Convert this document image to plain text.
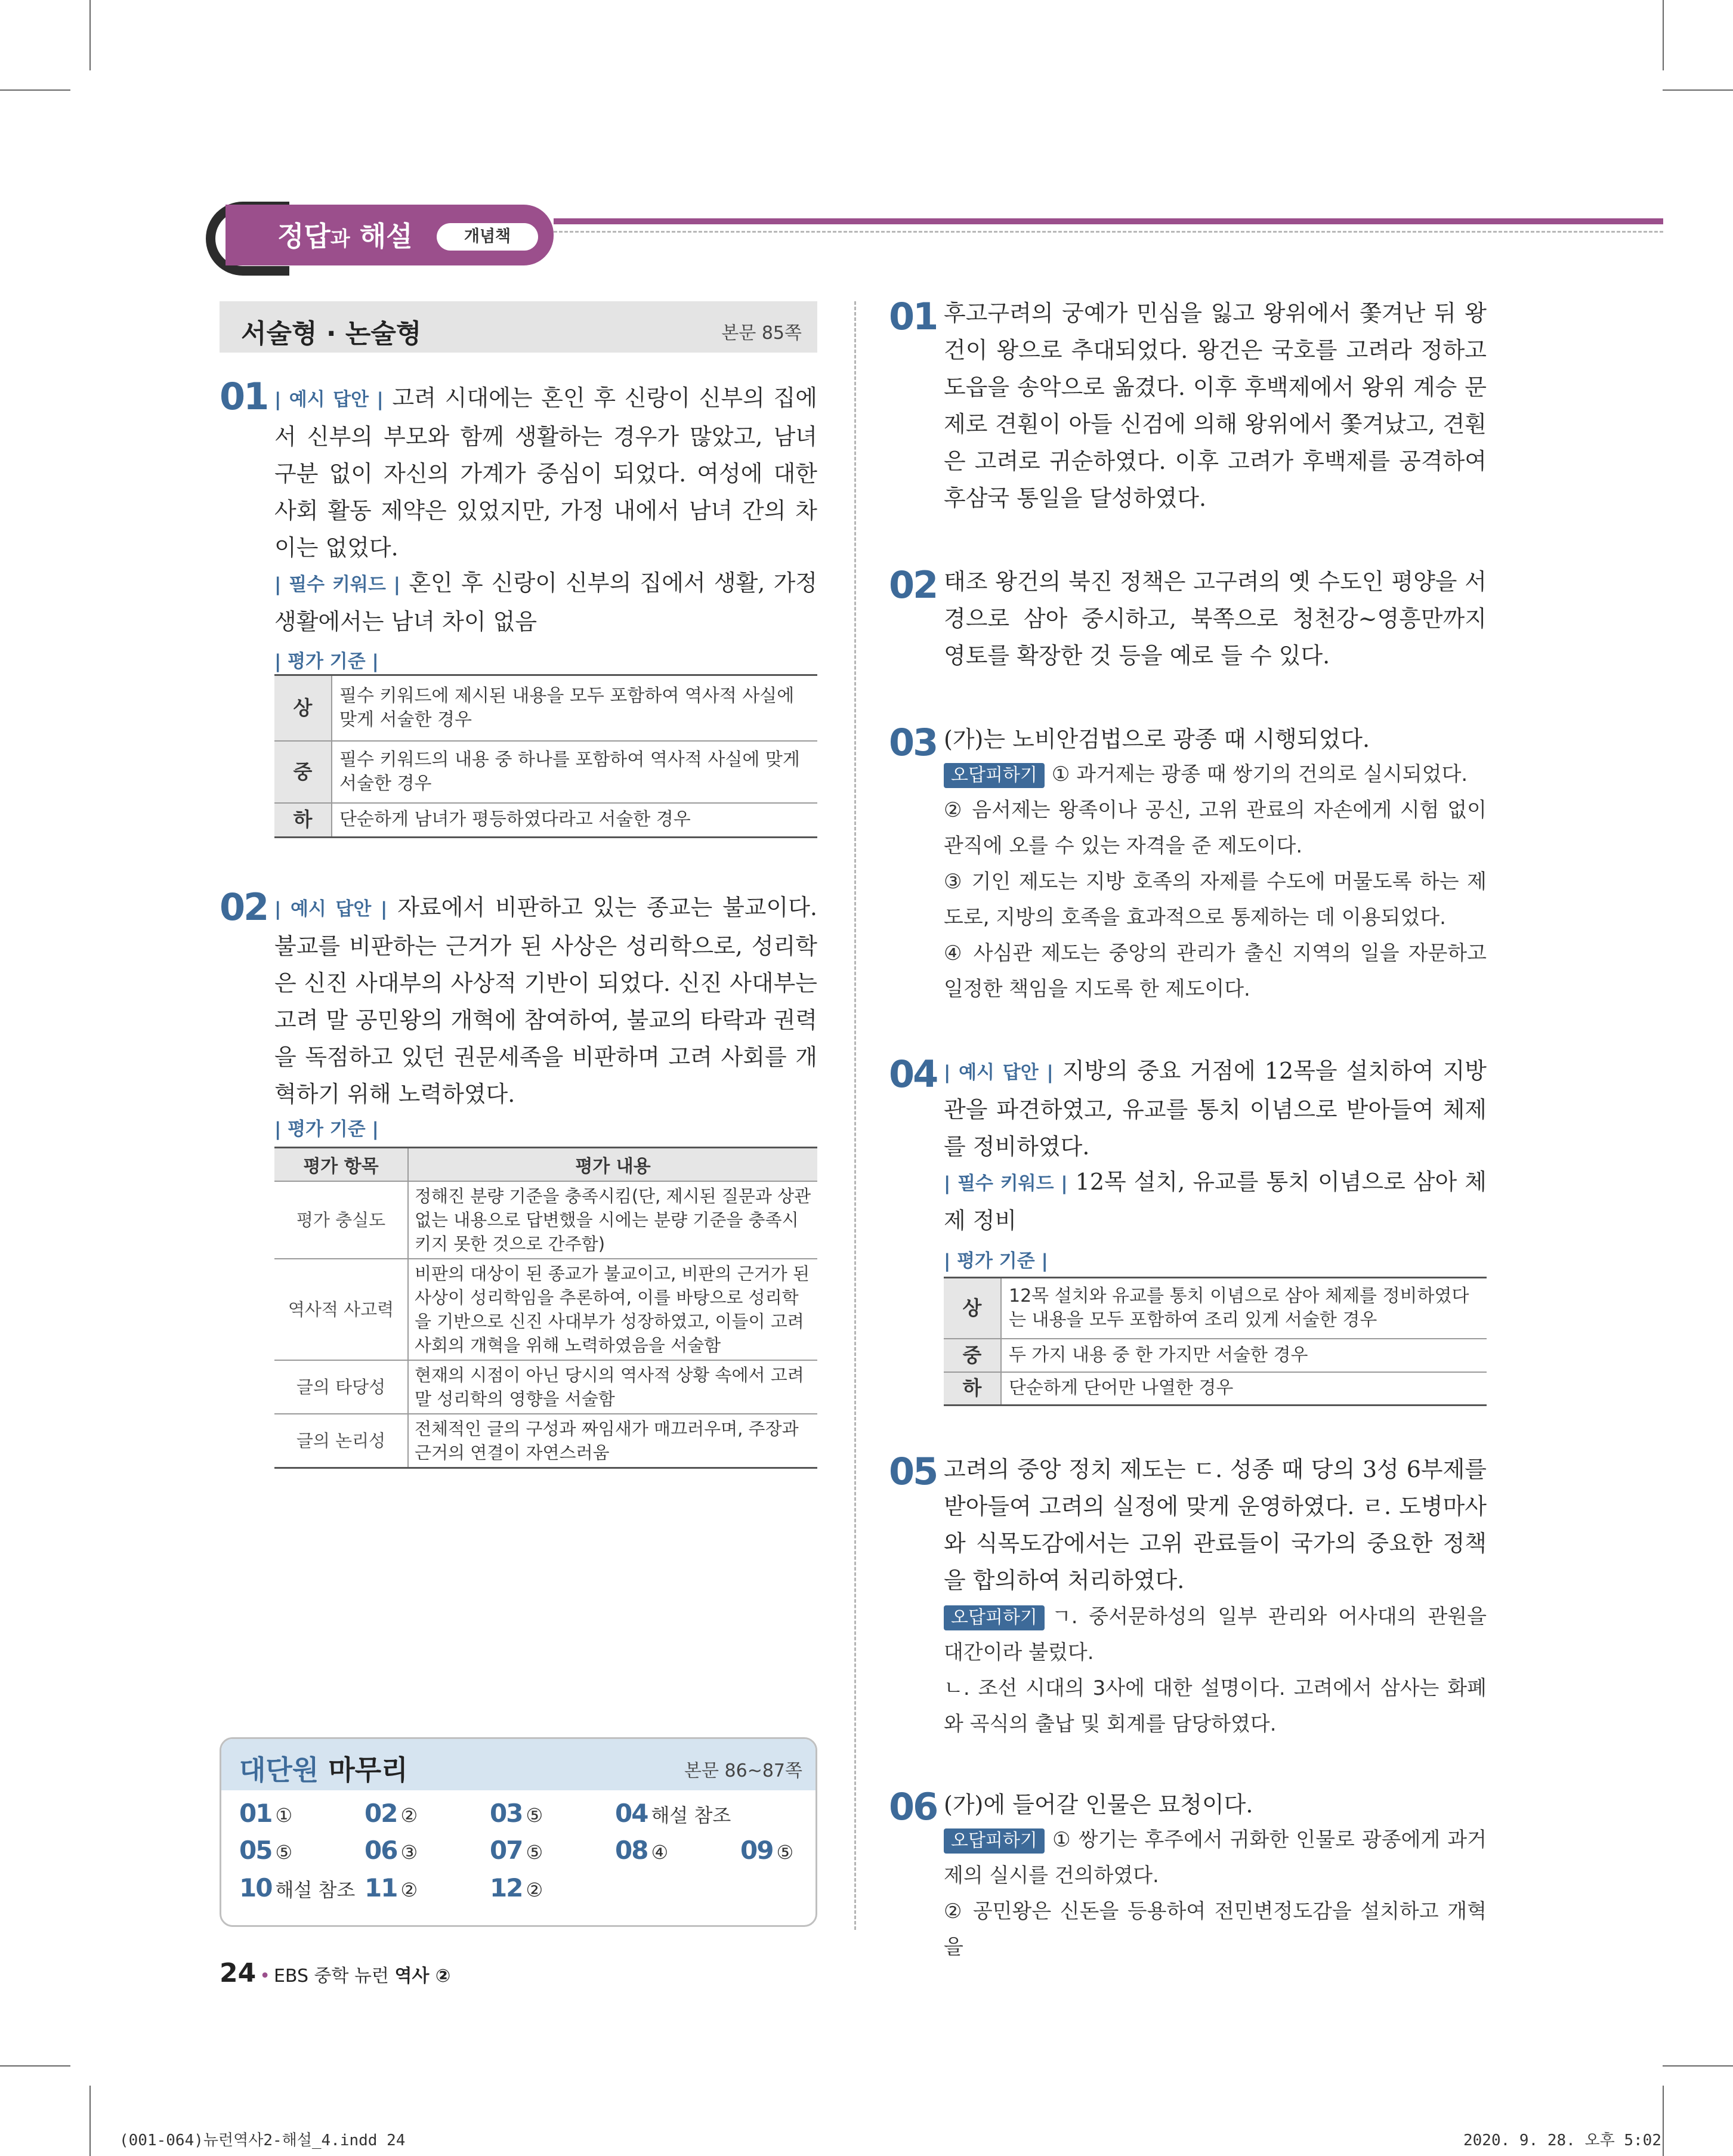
정답과 해설	개념책
서술형 · 논술형	본문 85쪽
01 | 예시 답안 | 고려 시대에는 혼인 후 신랑이 신부의 집에서 신부의 부모와 함께 생활하는 경우가 많았고, 남녀 구분 없이 자신의 가계가 중심이 되었다. 여성에 대한 사회 활동 제약은 있었지만, 가정 내에서 남녀 간의 차이는 없었다.
| 필수 키워드 | 혼인 후 신랑이 신부의 집에서 생활, 가정생활에서는 남녀 차이 없음
| 평가 기준 |
상	필수 키워드에 제시된 내용을 모두 포함하여 역사적 사실에 맞게 서술한 경우
중	필수 키워드의 내용 중 하나를 포함하여 역사적 사실에 맞게 서술한 경우
하	단순하게 남녀가 평등하였다라고 서술한 경우
02 | 예시 답안 | 자료에서 비판하고 있는 종교는 불교이다. 불교를 비판하는 근거가 된 사상은 성리학으로, 성리학은 신진 사대부의 사상적 기반이 되었다. 신진 사대부는 고려 말 공민왕의 개혁에 참여하여, 불교의 타락과 권력을 독점하고 있던 권문세족을 비판하며 고려 사회를 개혁하기 위해 노력하였다.
| 평가 기준 |
평가 항목	평가 내용
평가 충실도	정해진 분량 기준을 충족시킴(단, 제시된 질문과 상관없는 내용으로 답변했을 시에는 분량 기준을 충족시키지 못한 것으로 간주함)
역사적 사고력	비판의 대상이 된 종교가 불교이고, 비판의 근거가 된 사상이 성리학임을 추론하여, 이를 바탕으로 성리학을 기반으로 신진 사대부가 성장하였고, 이들이 고려 사회의 개혁을 위해 노력하였음을 서술함
글의 타당성	현재의 시점이 아닌 당시의 역사적 상황 속에서 고려 말 성리학의 영향을 서술함
글의 논리성	전체적인 글의 구성과 짜임새가 매끄러우며, 주장과 근거의 연결이 자연스러움
대단원 마무리	본문 86~87쪽
01 ①	02 ②	03 ⑤	04 해설 참조
05 ⑤	06 ③	07 ⑤	08 ④	09 ⑤
10 해설 참조 11 ②	12 ②
01 후고구려의 궁예가 민심을 잃고 왕위에서 쫓겨난 뒤 왕건이 왕으로 추대되었다. 왕건은 국호를 고려라 정하고 도읍을 송악으로 옮겼다. 이후 후백제에서 왕위 계승 문제로 견훤이 아들 신검에 의해 왕위에서 쫓겨났고, 견훤은 고려로 귀순하였다. 이후 고려가 후백제를 공격하여 후삼국 통일을 달성하였다.
02 태조 왕건의 북진 정책은 고구려의 옛 수도인 평양을 서경으로 삼아 중시하고, 북쪽으로 청천강~영흥만까지 영토를 확장한 것 등을 예로 들 수 있다.
03 (가)는 노비안검법으로 광종 때 시행되었다.
오답피하기 ① 과거제는 광종 때 쌍기의 건의로 실시되었다.
② 음서제는 왕족이나 공신, 고위 관료의 자손에게 시험 없이 관직에 오를 수 있는 자격을 준 제도이다.
③ 기인 제도는 지방 호족의 자제를 수도에 머물도록 하는 제도로, 지방의 호족을 효과적으로 통제하는 데 이용되었다.
④ 사심관 제도는 중앙의 관리가 출신 지역의 일을 자문하고 일정한 책임을 지도록 한 제도이다.
04 | 예시 답안 | 지방의 중요 거점에 12목을 설치하여 지방관을 파견하였고, 유교를 통치 이념으로 받아들여 체제를 정비하였다.
| 필수 키워드 | 12목 설치, 유교를 통치 이념으로 삼아 체제 정비
| 평가 기준 |
상	12목 설치와 유교를 통치 이념으로 삼아 체제를 정비하였다는 내용을 모두 포함하여 조리 있게 서술한 경우
중	두 가지 내용 중 한 가지만 서술한 경우
하	단순하게 단어만 나열한 경우
05 고려의 중앙 정치 제도는 ㄷ. 성종 때 당의 3성 6부제를 받아들여 고려의 실정에 맞게 운영하였다. ㄹ. 도병마사와 식목도감에서는 고위 관료들이 국가의 중요한 정책을 합의하여 처리하였다.
오답피하기 ㄱ. 중서문하성의 일부 관리와 어사대의 관원을 대간이라 불렀다.
ㄴ. 조선 시대의 3사에 대한 설명이다. 고려에서 삼사는 화폐와 곡식의 출납 및 회계를 담당하였다.
06 (가)에 들어갈 인물은 묘청이다.
오답피하기 ① 쌍기는 후주에서 귀화한 인물로 광종에게 과거제의 실시를 건의하였다.
② 공민왕은 신돈을 등용하여 전민변정도감을 설치하고 개혁을
24 • EBS 중학 뉴런 역사 ②
(001-064)뉴런역사2-해설_4.indd 24	2020. 9. 28. 오후 5:02
